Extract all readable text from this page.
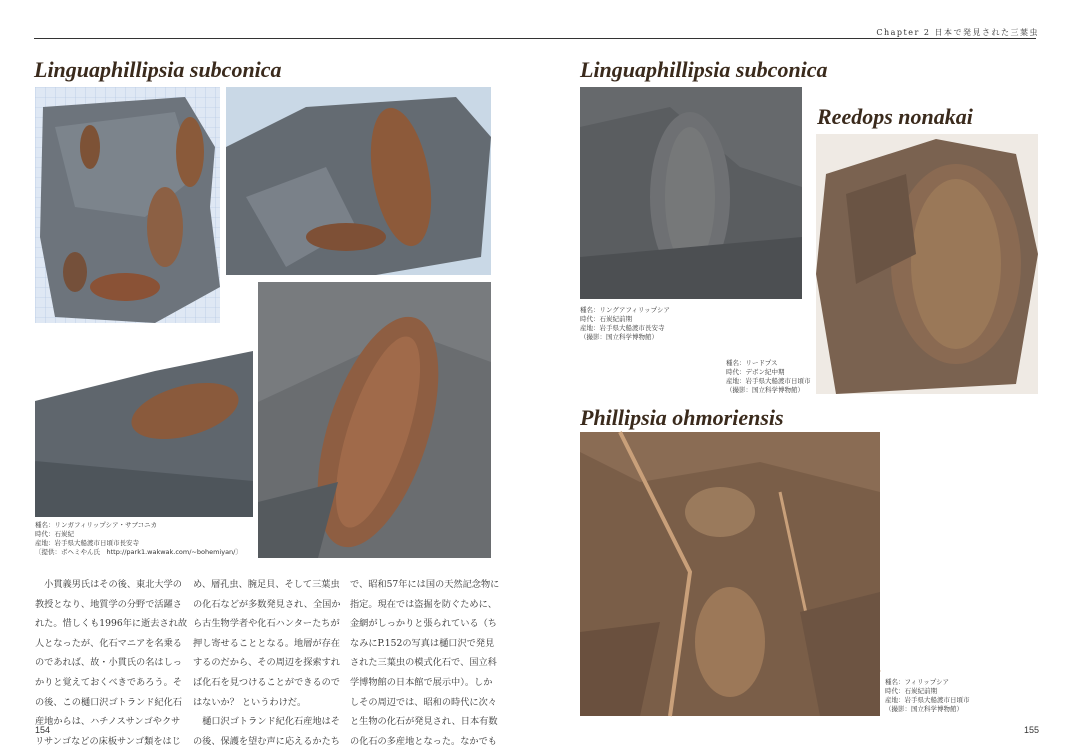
Chapter 2 日本で発見された三葉虫
Linguaphillipsia subconica
種名：リンガフィリップシア・サブコニカ
時代：石炭紀
産地：岩手県大船渡市日頃市長安寺
〔提供：ボヘミやん氏　http://park1.wakwak.com/~bohemiyan/〕
　小貫義男氏はその後、東北大学の
教授となり、地質学の分野で活躍さ
れた。惜しくも1996年に逝去され故
人となったが、化石マニアを名乗る
のであれば、故・小貫氏の名はしっ
かりと覚えておくべきであろう。そ
の後、この樋口沢ゴトランド紀化石
産地からは、ハチノスサンゴやクサ
リサンゴなどの床板サンゴ類をはじ
め、層孔虫、腕足貝、そして三葉虫
の化石などが多数発見され、全国か
ら古生物学者や化石ハンターたちが
押し寄せることとなる。地層が存在
するのだから、その周辺を探索すれ
ば化石を見つけることができるので
はないか？ というわけだ。
　樋口沢ゴトランド紀化石産地はそ
の後、保護を望む声に応えるかたち
で、昭和57年には国の天然記念物に
指定。現在では盗掘を防ぐために、
金網がしっかりと張られている（ち
なみにP.152の写真は樋口沢で発見
された三葉虫の模式化石で、国立科
学博物館の日本館で展示中）。しか
しその周辺では、昭和の時代に次々
と生物の化石が発見され、日本有数
の化石の多産地となった。なかでも
154
Linguaphillipsia subconica
種名：リングアフィリップシア
時代：石炭紀前期
産地：岩手県大船渡市長安寺
（撮影：国立科学博物館）
Reedops nonakai
種名：リードプス
時代：デボン紀中期
産地：岩手県大船渡市日頃市
（撮影：国立科学博物館）
Phillipsia ohmoriensis
種名：フィリップシア
時代：石炭紀前期
産地：岩手県大船渡市日頃市
（撮影：国立科学博物館）
155
